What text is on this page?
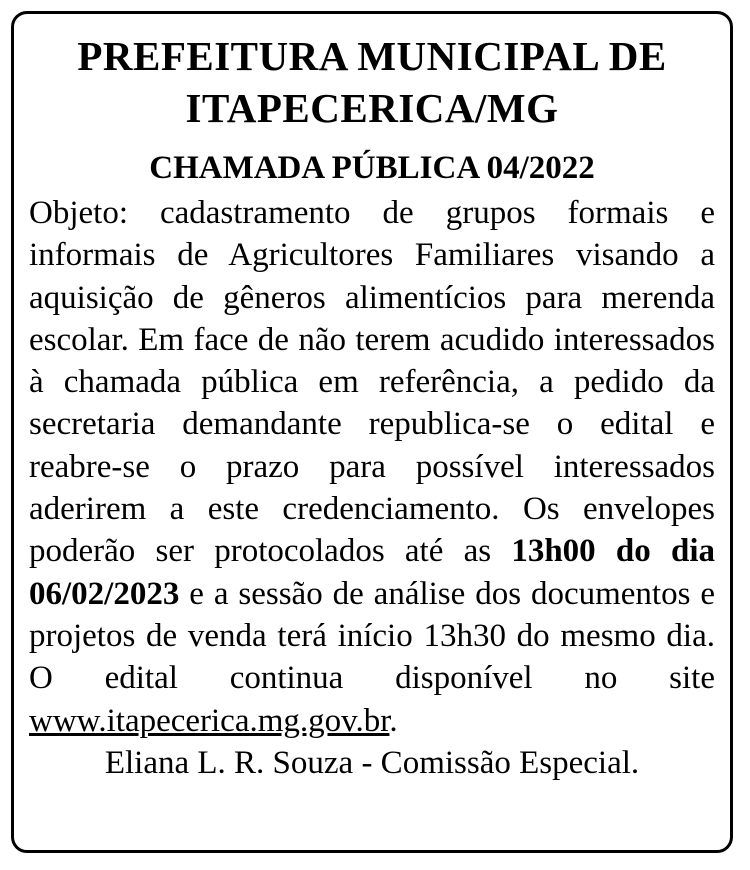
PREFEITURA MUNICIPAL DE
ITAPECERICA/MG
CHAMADA PÚBLICA 04/2022
Objeto: cadastramento de grupos formais e informais de Agricultores Familiares visando a aquisição de gêneros alimentícios para merenda escolar. Em face de não terem acudido interessados à chamada pública em referência, a pedido da secretaria demandante republica-se o edital e reabre-se o prazo para possível interessados aderirem a este credenciamento. Os envelopes poderão ser protocolados até as 13h00 do dia 06/02/2023 e a sessão de análise dos documentos e projetos de venda terá início 13h30 do mesmo dia. O edital continua disponível no site www.itapecerica.mg.gov.br.
Eliana L. R. Souza - Comissão Especial.
